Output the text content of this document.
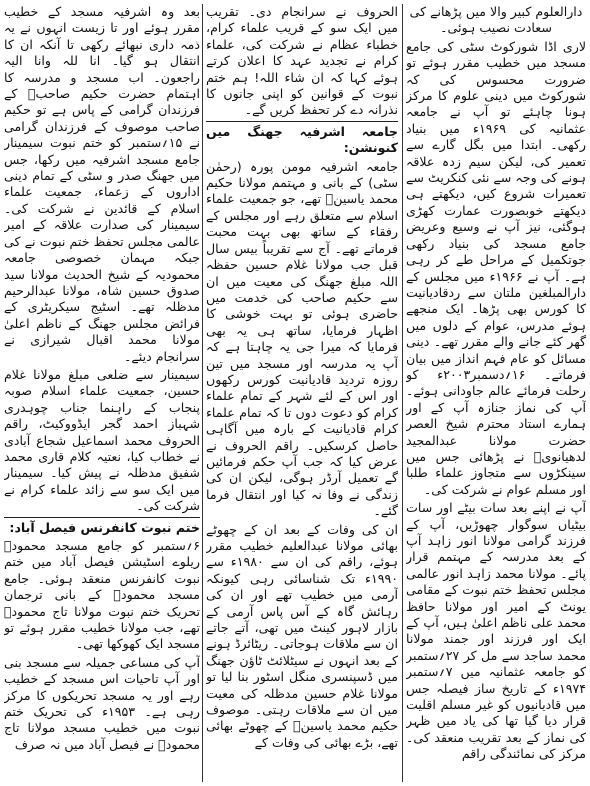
دارالعلوم کبیر والا میں پڑھانے کی سعادت نصیب ہوئی۔

لاری اڈا شورکوٹ سٹی کی جامع مسجد میں خطیب مقرر ہوئے تو ضرورت محسوس کی کہ شورکوٹ میں دینی علوم کا مرکز ہونا چاہئے تو آپ نے جامعہ عثمانیہ کی ۱۹۶۹ء میں بنیاد رکھی۔ ابتدا میں بگل گارے سے تعمیر کی، لیکن سیم زدہ علاقہ ہونے کی وجہ سے نئی کنکریٹ سے تعمیرات شروع کیں، دیکھتے ہی دیکھتے خوبصورت عمارت کھڑی ہوگئی، نیز آپ نے وسیع وعریض جامع مسجد کی بنیاد رکھی جوتکمیل کے مراحل طے کر رہی ہے۔ آپ نے ۱۹۶۶ء میں مجلس کے دارالمبلغین ملتان سے ردقادیانیت کا کورس بھی پڑھا۔ ایک منجھے ہوئے مدرس، عوام کے دلوں میں گھر کئے جانے والے مقرر تھے۔ دینی مسائل کو عام فہم انداز میں بیان فرماتے۔ ۱۶؍دسمبر۲۰۰۳ء کو رحلت فرمائے عالم جاودانی ہوئے۔ آپ کی نماز جنازہ آپ کے اور ہمارے استاد محترم شیخ العصر حضرت مولانا عبدالمجید لدھیانویؒ نے پڑھائی جس میں سینکڑوں سے متجاوز علماء طلبا اور مسلم عوام نے شرکت کی۔

آپ نے اپنے بعد سات بیٹے اور سات بیٹیاں سوگوار چھوڑیں، آپ کے فرزند گرامی مولانا انور زاہد آپ کے بعد مدرسہ کے مہتمم قرار پائے۔ مولانا محمد زاہد انور عالمی مجلس تحفظ ختم نبوت کے مقامی یونٹ کے امیر اور مولانا حافظ محمد علی ناظم اعلیٰ ہیں، آپ کے ایک اور فرزند اور جمند مولانا محمد ساجد سے مل کر ۲۷؍ستمبر کو جامعہ عثمانیہ میں ۷؍ستمبر ۱۹۷۴ء کے تاریخ ساز فیصلہ جس میں قادیانیوں کو غیر مسلم اقلیت قرار دیا گیا تھا کی یاد میں ظہر کی نماز کے بعد تقریب منعقد کی۔ مرکز کی نمائندگی راقم

الحروف نے سرانجام دی۔ تقریب میں ایک سو کے قریب علماء کرام، خطباء عظام نے شرکت کی، علماء کرام نے تجدید عہد کا اعلان کرتے ہوئے کہا کہ ان شاء اللہ! ہم ختم نبوت کے قوانین کو اپنی جانوں کا نذرانہ دے کر تحفظ کریں گے۔

جامعہ اشرفیہ جھنگ میں کنونشن:

جامعہ اشرفیہ مومن پورہ (رحمٰن سٹی) کے بانی و مہتمم مولانا حکیم محمد یاسینؒ تھے، جو جمعیت علماء اسلام سے متعلق رہے اور مجلس کے رفقاء کے ساتھ بھی بہت محبت فرماتے تھے۔ آج سے تقریباً بیس سال قبل جب مولانا غلام حسین حفظہ اللہ مبلغ جھنگ کی معیت میں ان سے حکیم صاحب کی خدمت میں حاضری ہوئی تو بہت خوشی کا اظہار فرمایا، ساتھ ہی یہ بھی فرمایا کہ میرا جی یہ چاہتا ہے کہ آپ یہ مدرسہ اور مسجد میں تین روزہ تردید قادیانیت کورس رکھوں اور اس کے لئے شہر کے تمام علماء کرام کو دعوت دوں تا کہ تمام علماء کرام قادیانیت کے بارہ میں آگاہی حاصل کرسکیں۔ راقم الحروف نے عرض کیا کہ جب آپ حکم فرمائیں گے تعمیل آرڈر ہوگی، لیکن ان کی زندگی نے وفا نہ کیا اور انتقال فرما گئے۔

ان کی وفات کے بعد ان کے چھوٹے بھائی مولانا عبدالعلیم خطیب مقرر ہوئے، راقم کی ان سے ۱۹۸۰ء سے ۱۹۹۰ء تک شناسائی رہی کیونکہ آرمی میں خطیب تھے اور ان کی رہائش گاہ کے آس پاس آرمی کے بازار لاہور کینٹ میں تھی، آتے جاتے ان سے ملاقات ہوجاتی۔ ریٹائرڈ ہونے کے بعد انہوں نے سیٹلائٹ ٹاؤن جھنگ میں ڈسپنسری منگل اسٹور بنا لیا تو مولانا غلام حسین مدظلہ کی معیت میں ان سے ملاقات رہتی۔ موصوف حکیم محمد یاسینؒ کے چھوٹے بھائی تھے، بڑے بھائی کی وفات کے

بعد وہ اشرفیہ مسجد کے خطیب مقرر ہوئے اور تا زیست انہوں نے یہ ذمہ داری نبھائے رکھی تا آنکہ ان کا انتقال ہو گیا۔ انا للہ وانا الیہ راجعون۔ اب مسجد و مدرسہ کا اہتمام حضرت حکیم صاحبؒ کے فرزندان گرامی کے پاس ہے تو حکیم صاحب موصوف کے فرزندان گرامی نے ۱۵؍ستمبر کو ختم نبوت سیمینار جامع مسجد اشرفیہ میں رکھا، جس میں جھنگ صدر و سٹی کے تمام دینی اداروں کے زعماء، جمعیت علماء اسلام کے قائدین نے شرکت کی۔ سیمینار کی صدارت علاقہ کے امیر عالمی مجلس تحفظ ختم نبوت نے کی جبکہ مہمان خصوصی جامعہ محمودیہ کے شیخ الحدیث مولانا سید صدوق حسین شاہ، مولانا عبدالرحیم مدظلہ تھے۔ اسٹیج سیکریٹری کے فرائض مجلس جھنگ کے ناظم اعلیٰ مولانا محمد اقبال شیرازی نے سرانجام دیئے۔

سیمینار سے ضلعی مبلغ مولانا غلام حسین، جمعیت علماء اسلام صوبہ پنجاب کے راہنما جناب چوہدری شہباز احمد گجر ایڈووکیٹ، راقم الحروف محمد اسماعیل شجاع آبادی نے خطاب کیا، نعتیہ کلام قاری محمد شفیق مدظلہ نے پیش کیا۔ سیمینار میں ایک سو سے زائد علماء کرام نے شرکت کی۔

ختم نبوت کانفرنس فیصل آباد:

۶؍ستمبر کو جامع مسجد محمودؒ ریلوے اسٹیشن فیصل آباد میں ختم نبوت کانفرنس منعقد ہوئی۔ جامع مسجد محمودؒ کے بانی ترجمان تحریک ختم نبوت مولانا تاج محمودؒ تھے، جب مولانا خطیب مقرر ہوئے تو مسجد ایک کھوکھا تھی۔

آپ کی مساعی جمیلہ سے مسجد بنی اور آپ تاحیات اس مسجد کے خطیب رہے اور یہ مسجد تحریکوں کا مرکز رہی ہے۔ ۱۹۵۳ء کی تحریک ختم نبوت میں خطیب مسجد مولانا تاج محمودؒ نے فیصل آباد میں نہ صرف
